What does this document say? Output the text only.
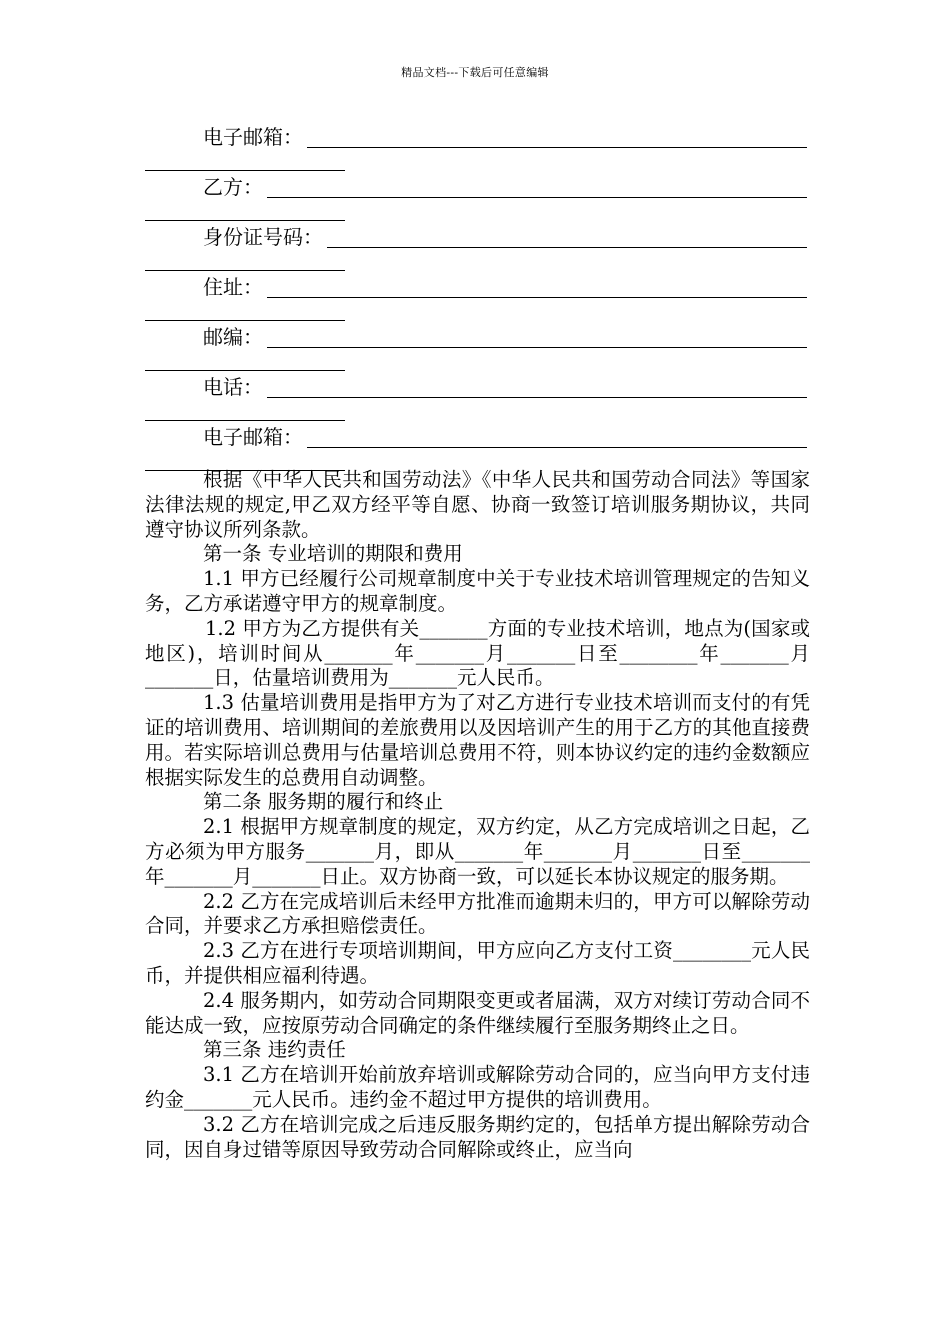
精品文档---下载后可任意编辑
电子邮箱：
乙方：
身份证号码：
住址：
邮编：
电话：
电子邮箱：

根据《中华人民共和国劳动法》《中华人民共和国劳动合同法》等国家法律法规的规定,甲乙双方经平等自愿、协商一致签订培训服务期协议，共同遵守协议所列条款。

第一条 专业培训的期限和费用

1.1 甲方已经履行公司规章制度中关于专业技术培训管理规定的告知义务，乙方承诺遵守甲方的规章制度。

1.2 甲方为乙方提供有关_______方面的专业技术培训，地点为(国家或地区)，培训时间从_______年_______月_______日至________年_______月_______日，估量培训费用为_______元人民币。

1.3 估量培训费用是指甲方为了对乙方进行专业技术培训而支付的有凭证的培训费用、培训期间的差旅费用以及因培训产生的用于乙方的其他直接费用。若实际培训总费用与估量培训总费用不符，则本协议约定的违约金数额应根据实际发生的总费用自动调整。

第二条 服务期的履行和终止

2.1 根据甲方规章制度的规定，双方约定，从乙方完成培训之日起，乙方必须为甲方服务_______月，即从_______年_______月_______日至_______年_______月_______日止。双方协商一致，可以延长本协议规定的服务期。

2.2 乙方在完成培训后未经甲方批准而逾期未归的，甲方可以解除劳动合同，并要求乙方承担赔偿责任。

2.3 乙方在进行专项培训期间，甲方应向乙方支付工资________元人民币，并提供相应福利待遇。

2.4 服务期内，如劳动合同期限变更或者届满，双方对续订劳动合同不能达成一致，应按原劳动合同确定的条件继续履行至服务期终止之日。

第三条 违约责任

3.1 乙方在培训开始前放弃培训或解除劳动合同的，应当向甲方支付违约金_______元人民币。违约金不超过甲方提供的培训费用。

3.2 乙方在培训完成之后违反服务期约定的，包括单方提出解除劳动合同，因自身过错等原因导致劳动合同解除或终止，应当向
